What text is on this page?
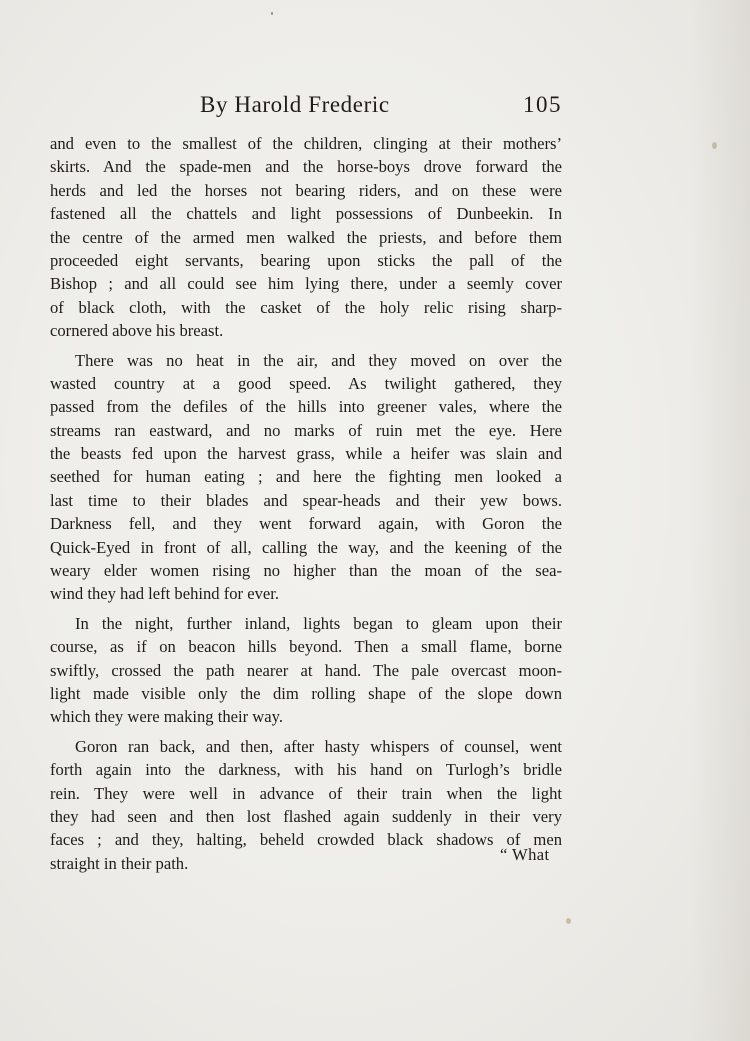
By Harold Frederic	105
and even to the smallest of the children, clinging at their mothers’
skirts. And the spade-men and the horse-boys drove forward the
herds and led the horses not bearing riders, and on these were
fastened all the chattels and light possessions of Dunbeekin. In
the centre of the armed men walked the priests, and before them
proceeded eight servants, bearing upon sticks the pall of the
Bishop ; and all could see him lying there, under a seemly cover
of black cloth, with the casket of the holy relic rising sharp-
cornered above his breast.
There was no heat in the air, and they moved on over the
wasted country at a good speed. As twilight gathered, they
passed from the defiles of the hills into greener vales, where the
streams ran eastward, and no marks of ruin met the eye. Here
the beasts fed upon the harvest grass, while a heifer was slain and
seethed for human eating ; and here the fighting men looked a
last time to their blades and spear-heads and their yew bows.
Darkness fell, and they went forward again, with Goron the
Quick-Eyed in front of all, calling the way, and the keening of the
weary elder women rising no higher than the moan of the sea-
wind they had left behind for ever.
In the night, further inland, lights began to gleam upon their
course, as if on beacon hills beyond. Then a small flame, borne
swiftly, crossed the path nearer at hand. The pale overcast moon-
light made visible only the dim rolling shape of the slope down
which they were making their way.
Goron ran back, and then, after hasty whispers of counsel, went
forth again into the darkness, with his hand on Turlogh’s bridle
rein. They were well in advance of their train when the light
they had seen and then lost flashed again suddenly in their very
faces ; and they, halting, beheld crowded black shadows of men
straight in their path.	“ What
